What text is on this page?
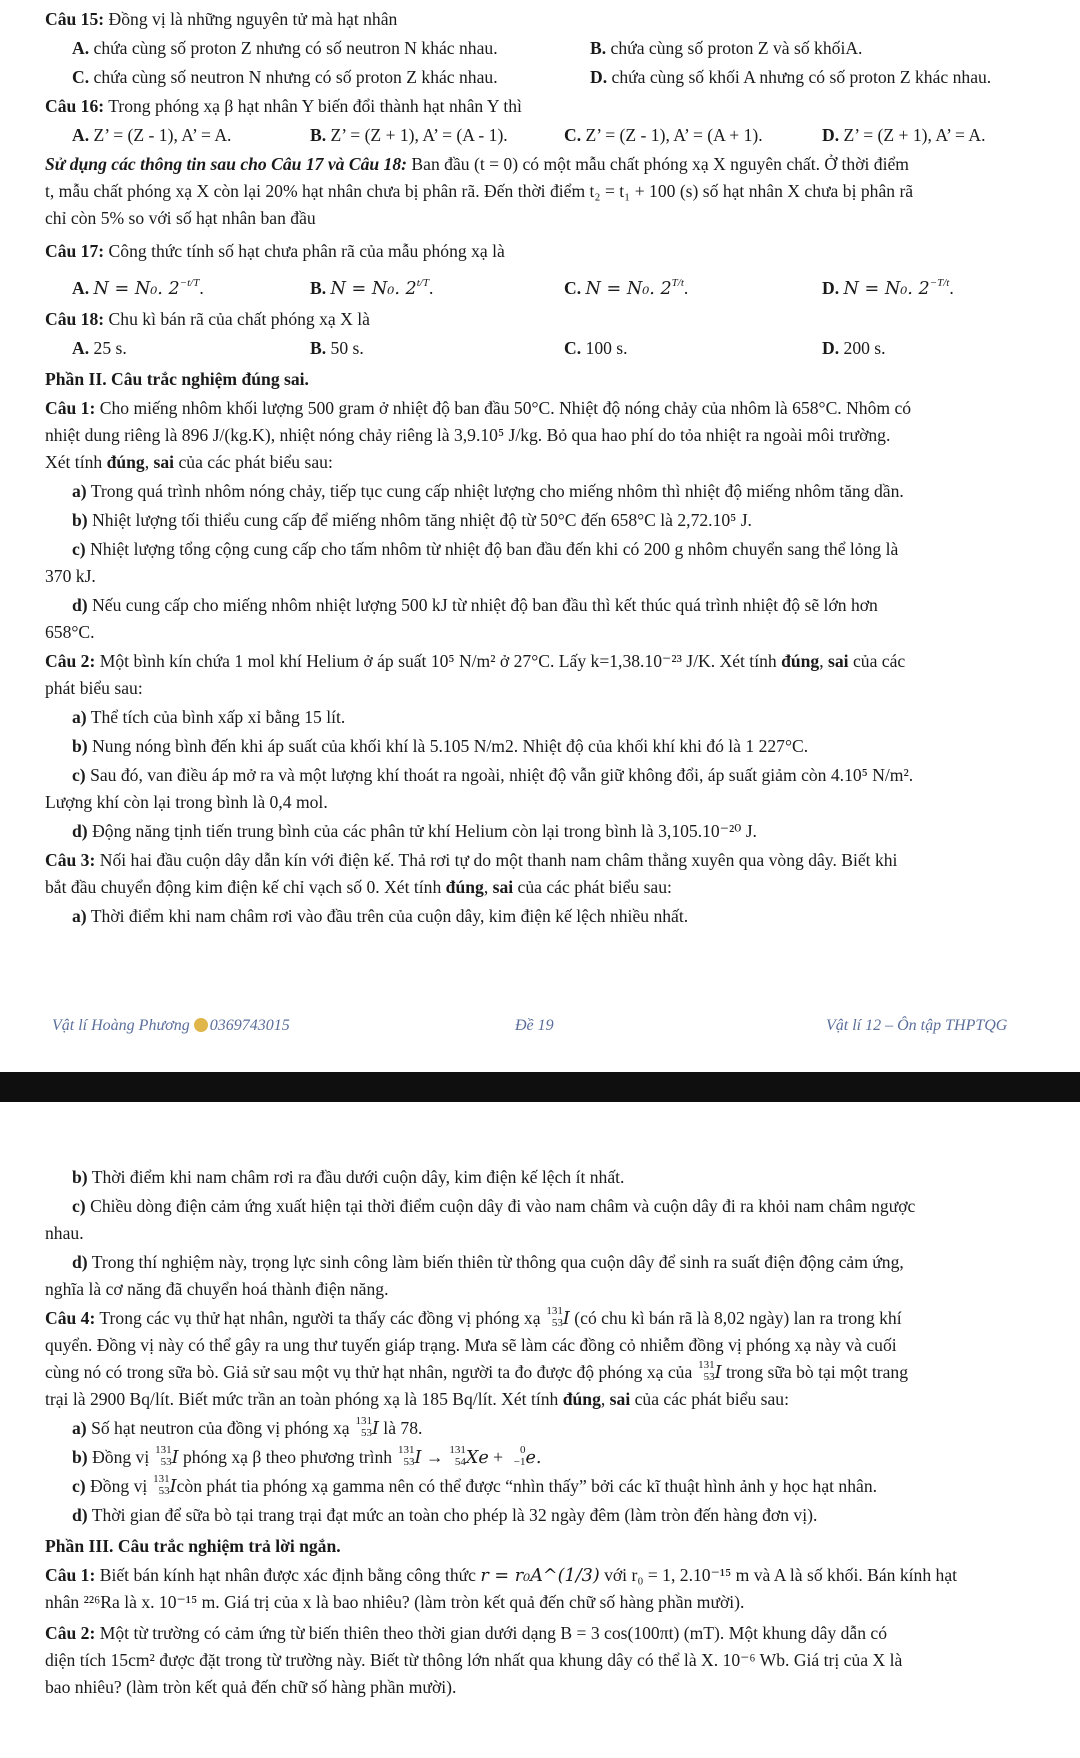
Câu 15: Đồng vị là những nguyên tử mà hạt nhân
A. chứa cùng số proton Z nhưng có số neutron N khác nhau.	B. chứa cùng số proton Z và số khốiA.
C. chứa cùng số neutron N nhưng có số proton Z khác nhau.	D. chứa cùng số khối A nhưng có số proton Z khác nhau.
Câu 16: Trong phóng xạ β hạt nhân Y biến đổi thành hạt nhân Y thì
A. Z’ = (Z - 1), A’ = A.	B. Z’ = (Z + 1), A’ = (A - 1).	C. Z’ = (Z - 1), A’ = (A + 1).	D. Z’ = (Z + 1), A’ = A.
Sử dụng các thông tin sau cho Câu 17 và Câu 18: Ban đầu (t = 0) có một mẫu chất phóng xạ X nguyên chất. Ở thời điểm
t, mẫu chất phóng xạ X còn lại 20% hạt nhân chưa bị phân rã. Đến thời điểm t₂ = t₁ + 100 (s) số hạt nhân X chưa bị phân rã
chỉ còn 5% so với số hạt nhân ban đầu
Câu 17: Công thức tính số hạt chưa phân rã của mẫu phóng xạ là
A. N = N₀. $2^{-t/T}$.	B. N = N₀. $2^{t/T}$.	C. N = N₀. $2^{T/t}$.	D. N = N₀. $2^{-T/t}$.
Câu 18: Chu kì bán rã của chất phóng xạ X là
A. 25 s.	B. 50 s.	C. 100 s.	D. 200 s.
Phần II. Câu trắc nghiệm đúng sai.
Câu 1: Cho miếng nhôm khối lượng 500 gram ở nhiệt độ ban đầu 50°C. Nhiệt độ nóng chảy của nhôm là 658°C. Nhôm có
nhiệt dung riêng là 896 J/(kg.K), nhiệt nóng chảy riêng là 3,9.10⁵ J/kg. Bỏ qua hao phí do tỏa nhiệt ra ngoài môi trường.
Xét tính đúng, sai của các phát biểu sau:
a) Trong quá trình nhôm nóng chảy, tiếp tục cung cấp nhiệt lượng cho miếng nhôm thì nhiệt độ miếng nhôm tăng dần.
b) Nhiệt lượng tối thiểu cung cấp để miếng nhôm tăng nhiệt độ từ 50°C đến 658°C là 2,72.10⁵ J.
c) Nhiệt lượng tổng cộng cung cấp cho tấm nhôm từ nhiệt độ ban đầu đến khi có 200 g nhôm chuyển sang thể lỏng là
370 kJ.
d) Nếu cung cấp cho miếng nhôm nhiệt lượng 500 kJ từ nhiệt độ ban đầu thì kết thúc quá trình nhiệt độ sẽ lớn hơn
658°C.
Câu 2: Một bình kín chứa 1 mol khí Helium ở áp suất 10⁵ N/m² ở 27°C. Lấy k=1,38.10⁻²³ J/K. Xét tính đúng, sai của các
phát biểu sau:
a) Thể tích của bình xấp xỉ bằng 15 lít.
b) Nung nóng bình đến khi áp suất của khối khí là 5.105 N/m2. Nhiệt độ của khối khí khi đó là 1 227°C.
c) Sau đó, van điều áp mở ra và một lượng khí thoát ra ngoài, nhiệt độ vẫn giữ không đổi, áp suất giảm còn 4.10⁵ N/m².
Lượng khí còn lại trong bình là 0,4 mol.
d) Động năng tịnh tiến trung bình của các phân tử khí Helium còn lại trong bình là 3,105.10⁻²⁰ J.
Câu 3: Nối hai đầu cuộn dây dẫn kín với điện kế. Thả rơi tự do một thanh nam châm thẳng xuyên qua vòng dây. Biết khi
bắt đầu chuyển động kim điện kế chỉ vạch số 0. Xét tính đúng, sai của các phát biểu sau:
a) Thời điểm khi nam châm rơi vào đầu trên của cuộn dây, kim điện kế lệch nhiều nhất.
Vật lí Hoàng Phương 0369743015	Đề 19	Vật lí 12 – Ôn tập THPTQG
b) Thời điểm khi nam châm rơi ra đầu dưới cuộn dây, kim điện kế lệch ít nhất.
c) Chiều dòng điện cảm ứng xuất hiện tại thời điểm cuộn dây đi vào nam châm và cuộn dây đi ra khỏi nam châm ngược
nhau.
d) Trong thí nghiệm này, trọng lực sinh công làm biến thiên từ thông qua cuộn dây để sinh ra suất điện động cảm ứng,
nghĩa là cơ năng đã chuyển hoá thành điện năng.
Câu 4: Trong các vụ thử hạt nhân, người ta thấy các đồng vị phóng xạ 131
53 I (có chu kì bán rã là 8,02 ngày) lan ra trong khí
quyển. Đồng vị này có thể gây ra ung thư tuyến giáp trạng. Mưa sẽ làm các đồng cỏ nhiễm đồng vị phóng xạ này và cuối
cùng nó có trong sữa bò. Giả sử sau một vụ thử hạt nhân, người ta đo được độ phóng xạ của 131
53 I trong sữa bò tại một trang
trại là 2900 Bq/lít. Biết mức trần an toàn phóng xạ là 185 Bq/lít. Xét tính đúng, sai của các phát biểu sau:
a) Số hạt neutron của đồng vị phóng xạ 131
53 I là 78.
b) Đồng vị 131
53 I phóng xạ β theo phương trình 131
53 I → 131
54 Xe + 0
−1 e.
c) Đồng vị 131
53 Icòn phát tia phóng xạ gamma nên có thể được “nhìn thấy” bởi các kĩ thuật hình ảnh y học hạt nhân.
d) Thời gian để sữa bò tại trang trại đạt mức an toàn cho phép là 32 ngày đêm (làm tròn đến hàng đơn vị).
Phần III. Câu trắc nghiệm trả lời ngắn.
Câu 1: Biết bán kính hạt nhân được xác định bằng công thức r = r₀A^(1/3) với r₀ = 1, 2.10⁻¹⁵ m và A là số khối. Bán kính hạt
nhân ²²⁶Ra là x. 10⁻¹⁵ m. Giá trị của x là bao nhiêu? (làm tròn kết quả đến chữ số hàng phần mười).
Câu 2: Một từ trường có cảm ứng từ biến thiên theo thời gian dưới dạng B = 3 cos(100πt) (mT). Một khung dây dẫn có
diện tích 15cm² được đặt trong từ trường này. Biết từ thông lớn nhất qua khung dây có thể là X. 10⁻⁶ Wb. Giá trị của X là
bao nhiêu? (làm tròn kết quả đến chữ số hàng phần mười).
